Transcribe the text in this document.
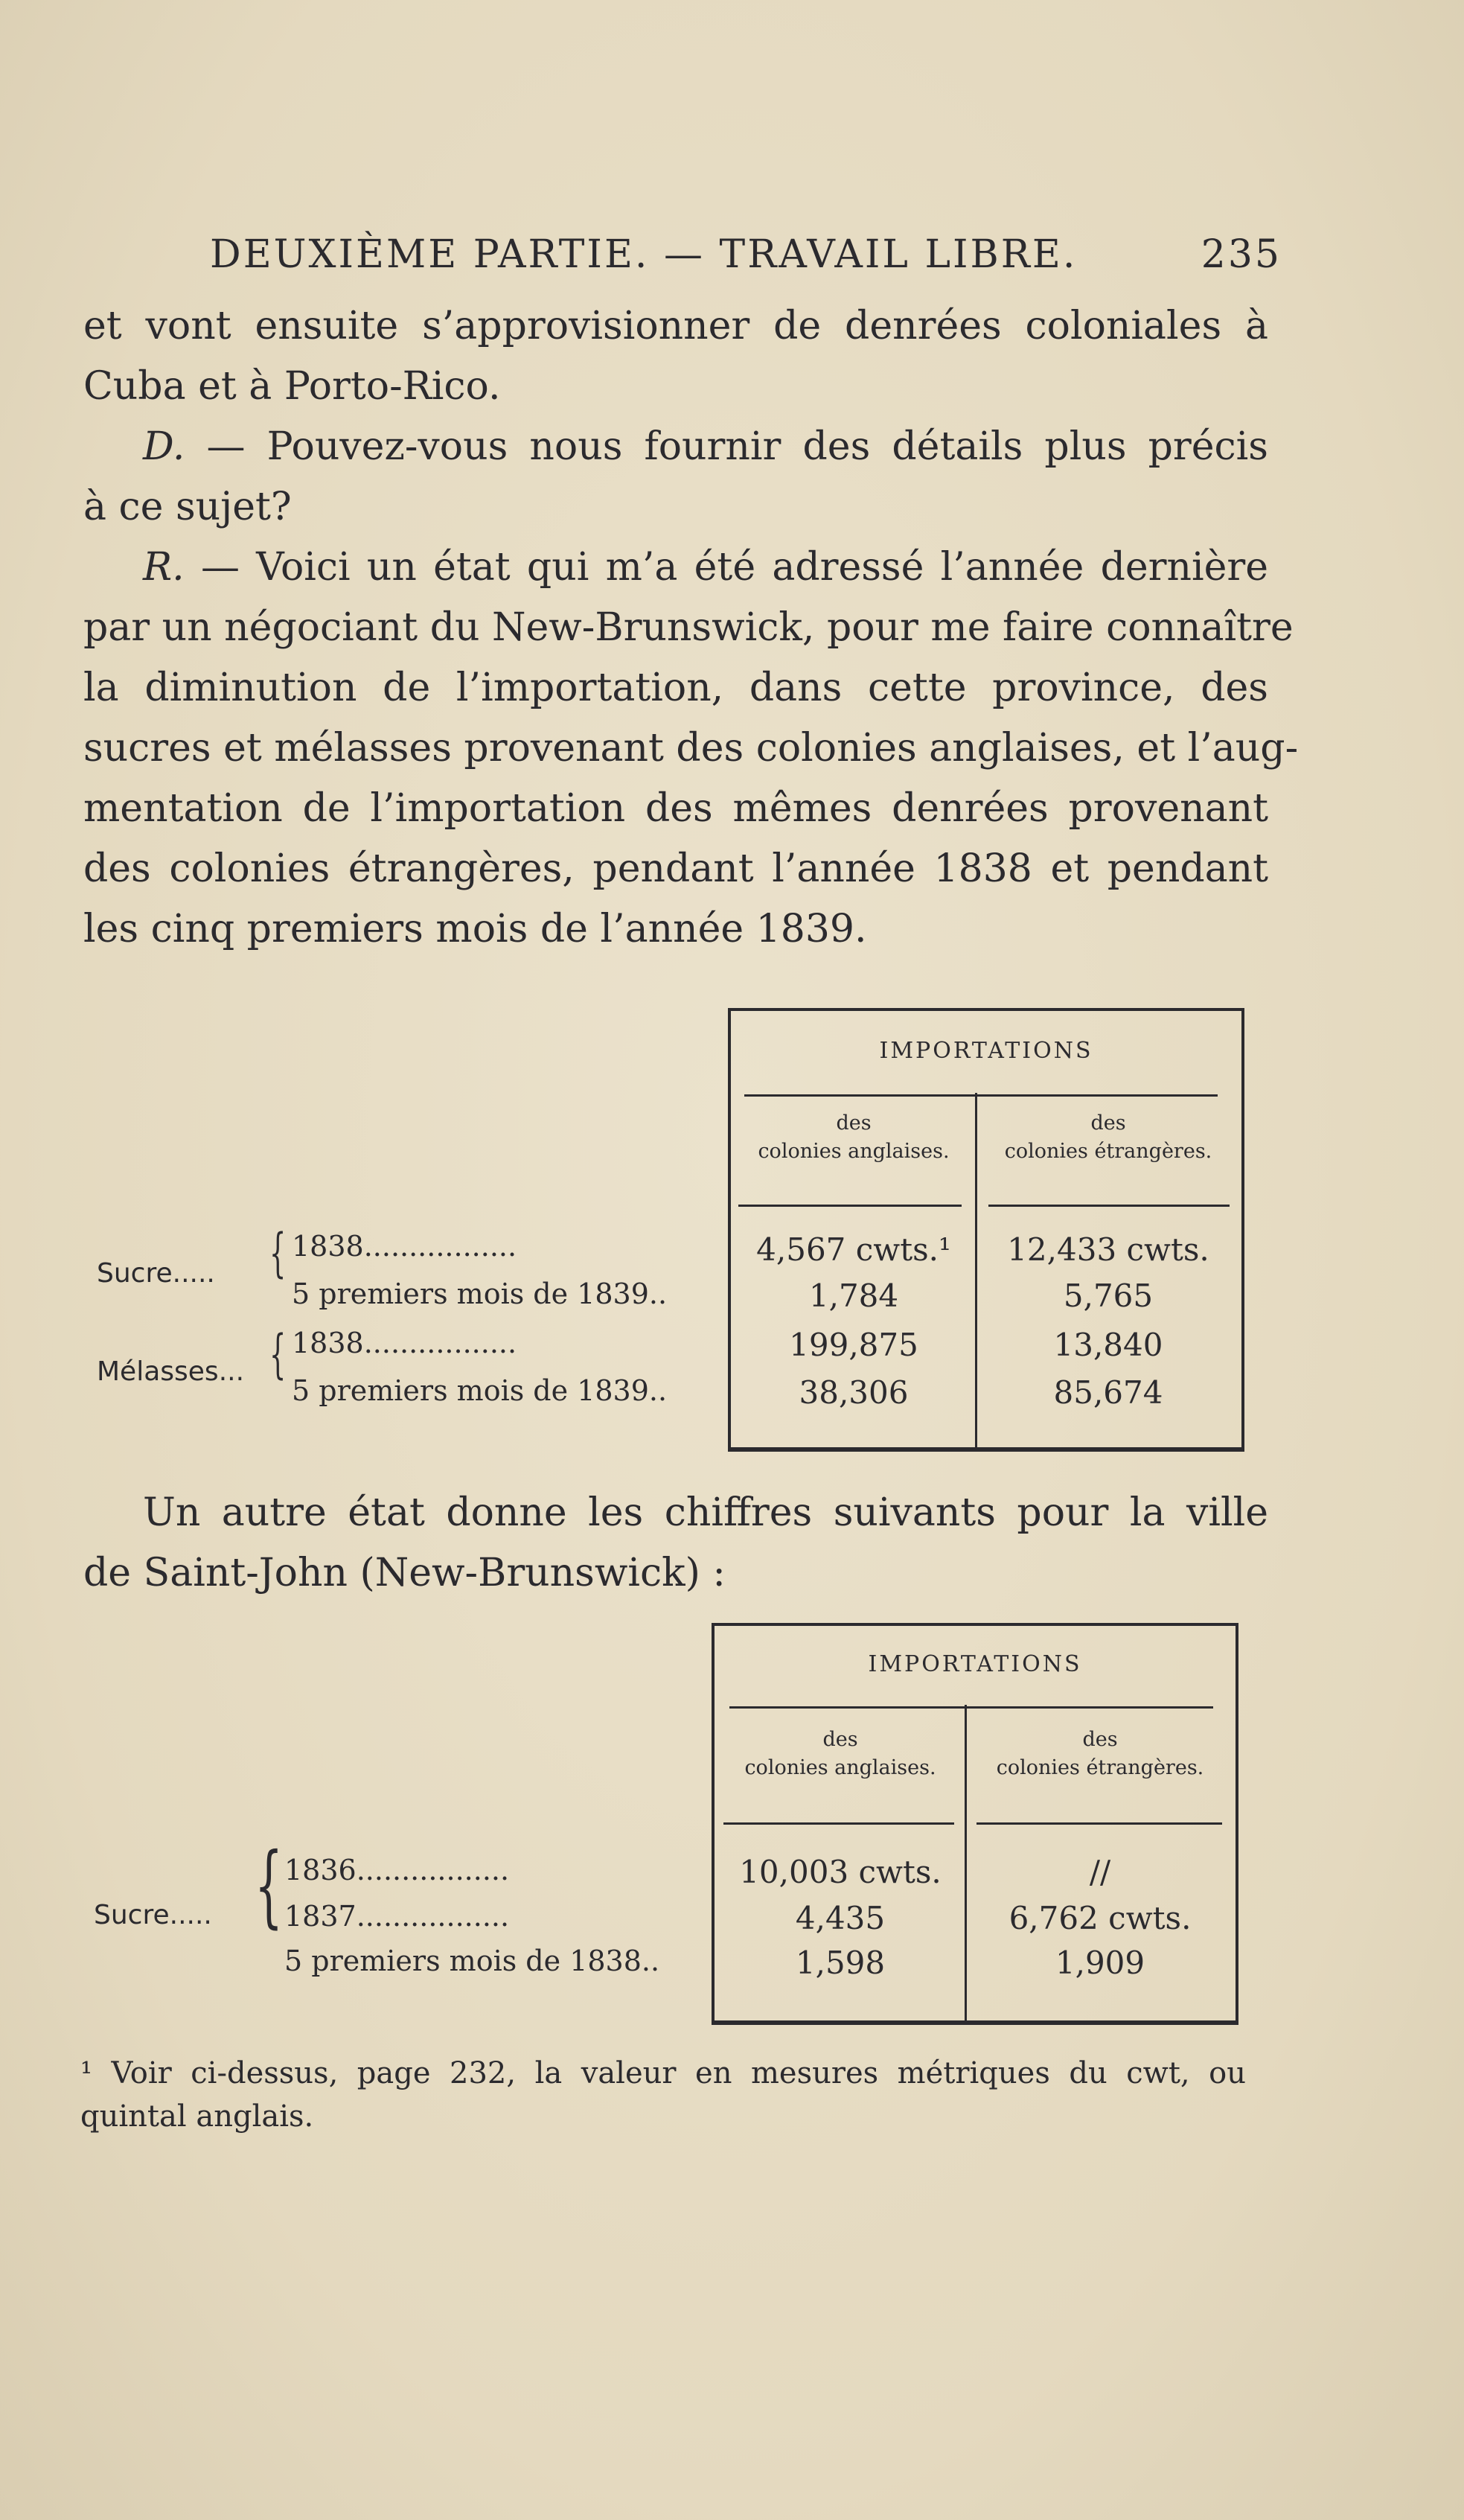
DEUXIÈME PARTIE. — TRAVAIL LIBRE.	235
et vont ensuite s’approvisionner de denrées coloniales à
Cuba et à Porto-Rico.
D. — Pouvez-vous nous fournir des détails plus précis
à ce sujet?
R. — Voici un état qui m’a été adressé l’année dernière
par un négociant du New-Brunswick, pour me faire connaître
la diminution de l’importation, dans cette province, des
sucres et mélasses provenant des colonies anglaises, et l’aug-
mentation de l’importation des mêmes denrées provenant
des colonies étrangères, pendant l’année 1838 et pendant
les cinq premiers mois de l’année 1839.
IMPORTATIONS
des
colonies anglaises.
des
colonies étrangères.
Sucre..... { 1838.................
5 premiers mois de 1839..
4,567 cwts.¹
1,784
12,433 cwts.
5,765
Mélasses... { 1838.................
5 premiers mois de 1839..
199,875
38,306
13,840
85,674
Un autre état donne les chiffres suivants pour la ville
de Saint-John (New-Brunswick) :
IMPORTATIONS
des
colonies anglaises.
des
colonies étrangères.
Sucre..... { 1836.................
1837.................
5 premiers mois de 1838..
10,003 cwts.
4,435
1,598
//
6,762 cwts.
1,909
¹ Voir ci-dessus, page 232, la valeur en mesures métriques du cwt, ou
quintal anglais.
